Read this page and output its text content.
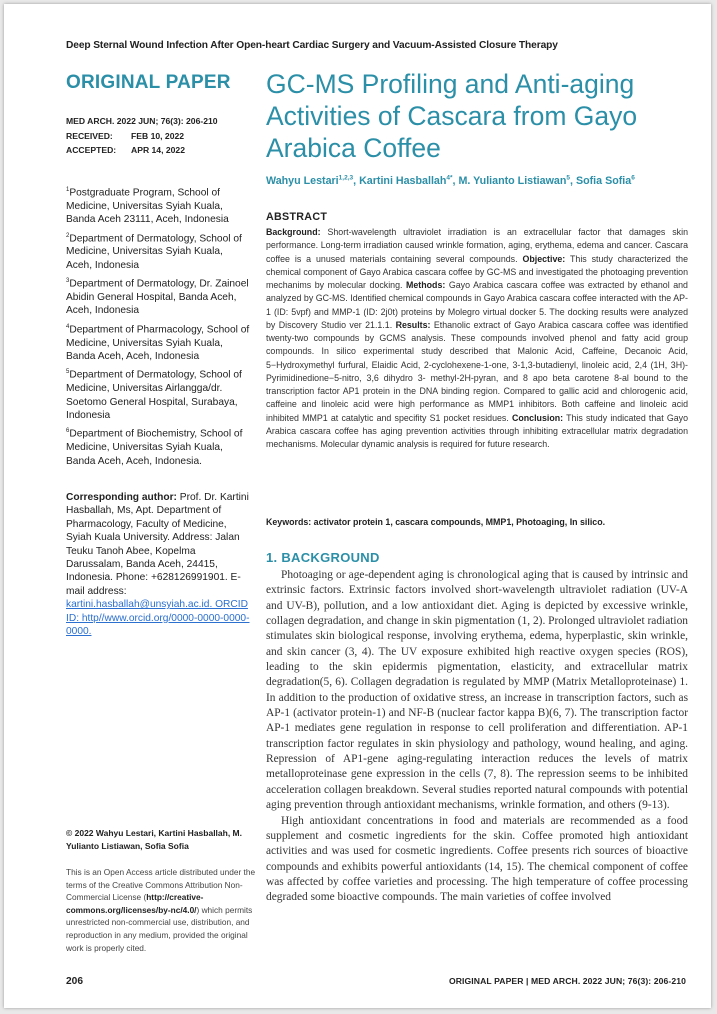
Deep Sternal Wound Infection After Open-heart Cardiac Surgery and Vacuum-Assisted Closure Therapy
ORIGINAL PAPER
MED ARCH. 2022 JUN; 76(3): 206-210
RECEIVED: FEB 10, 2022
ACCEPTED: APR 14, 2022
GC-MS Profiling and Anti-aging Activities of Cascara from Gayo Arabica Coffee
Wahyu Lestari$^{1,2,3}$, Kartini Hasballah$^{4*}$, M. Yulianto Listiawan$^5$, Sofia Sofia$^6$
$^1$Postgraduate Program, School of Medicine, Universitas Syiah Kuala, Banda Aceh 23111, Aceh, Indonesia
$^2$Department of Dermatology, School of Medicine, Universitas Syiah Kuala, Aceh, Indonesia
$^3$Department of Dermatology, Dr. Zainoel Abidin General Hospital, Banda Aceh, Aceh, Indonesia
$^4$Department of Pharmacology, School of Medicine, Universitas Syiah Kuala, Banda Aceh, Aceh, Indonesia
$^5$Department of Dermatology, School of Medicine, Universitas Airlangga/dr. Soetomo General Hospital, Surabaya, Indonesia
$^6$Department of Biochemistry, School of Medicine, Universitas Syiah Kuala, Banda Aceh, Aceh, Indonesia.
Corresponding author: Prof. Dr. Kartini Hasballah, Ms, Apt. Department of Pharmacology, Faculty of Medicine, Syiah Kuala University. Address: Jalan Teuku Tanoh Abee, Kopelma Darussalam, Banda Aceh, 24415, Indonesia. Phone: +628126991901. E-mail address: kartini.hasballah@unsyiah.ac.id. ORCID ID: http//www.orcid.org/0000-0000-0000-0000.
© 2022 Wahyu Lestari, Kartini Hasballah, M. Yulianto Listiawan, Sofia Sofia
This is an Open Access article distributed under the terms of the Creative Commons Attribution Non-Commercial License (http://creative-commons.org/licenses/by-nc/4.0/) which permits unrestricted non-commercial use, distribution, and reproduction in any medium, provided the original work is properly cited.
ABSTRACT
Background: Short-wavelength ultraviolet irradiation is an extracellular factor that damages skin performance. Long-term irradiation caused wrinkle formation, aging, erythema, edema and cancer. Cascara coffee is a unused materials containing several compounds. Objective: This study characterized the chemical component of Gayo Arabica cascara coffee by GC-MS and investigated the photoaging prevention mechanims by molecular docking. Methods: Gayo Arabica cascara coffee was extracted by ethanol and analyzed by GC-MS. Identified chemical compounds in Gayo Arabica cascara coffee interacted with the AP-1 (ID: 5vpf) and MMP-1 (ID: 2j0t) proteins by Molegro virtual docker 5. The docking results were analyzed by Discovery Studio ver 21.1.1. Results: Ethanolic extract of Gayo Arabica cascara coffee was identified twenty-two compounds by GCMS analysis. These compounds involved phenol and fatty acid group compounds. In silico experimental study described that Malonic Acid, Caffeine, Decanoic Acid, 5−Hydroxymethyl furfural, Elaidic Acid, 2-cyclohexene-1-one, 3-1,3-butadienyl, linoleic acid, 2,4 (1H, 3H)-Pyrimidinedione−5-nitro, 3,6 dihydro 3- methyl-2H-pyran, and 8 apo beta carotene 8-al bound to the transcription factor AP1 protein in the DNA binding region. Compared to gallic acid and chlorogenic acid, caffeine and linoleic acid were high performance as MMP1 inhibitors. Both caffeine and linoleic acid inhibited MMP1 at catalytic and specifity S1 pocket residues. Conclusion: This study indicated that Gayo Arabica cascara coffee has aging prevention activities through inhibiting extracellular matrix degradation mechanisms. Molecular dynamic analysis is required for future research.
Keywords: activator protein 1, cascara compounds, MMP1, Photoaging, In silico.
1. BACKGROUND

Photoaging or age-dependent aging is chronological aging that is caused by intrinsic and extrinsic factors. Extrinsic factors involved short-wavelength ultraviolet radiation (UV-A and UV-B), pollution, and a low antioxidant diet. Aging is depicted by excessive wrinkle, collagen degradation, and change in skin pigmentation (1, 2). Prolonged ultraviolet radiation stimulates skin biological response, involving erythema, edema, hyperplastic, skin wrinkle, and skin cancer (3, 4). The UV exposure exhibited high reactive oxygen species (ROS), leading to the skin epidermis pigmentation, elasticity, and extracellular matrix degradation(5, 6). Collagen degradation is regulated by MMP (Matrix Metalloproteinase) 1. In addition to the production of oxidative stress, an increase in transcription factors, such as AP-1 (activator protein-1) and NF-B (nuclear factor kappa B)(6, 7). The transcription factor AP-1 mediates gene regulation in response to cell proliferation and differentiation. AP-1 transcription factor regulates in skin physiology and pathology, wound healing, and aging. Repression of AP1-gene aging-regulating interaction reduces the levels of matrix metalloproteinase gene expression in the cells (7, 8). The repression seems to be inhibited acceleration collagen breakdown. Several studies reported natural compounds with potential aging prevention through antioxidant mechanisms, wrinkle formation, and others (9-13).

High antioxidant concentrations in food and materials are recommended as a food supplement and cosmetic ingredients for the skin. Coffee promoted high antioxidant activities and was used for cosmetic ingredients. Coffee presents rich sources of bioactive compounds and exhibits powerful antioxidants (14, 15). The chemical component of coffee was affected by coffee varieties and processing. The high temperature of coffee processing degraded some bioactive compounds. The main varieties of coffee involved

206	ORIGINAL PAPER | MED ARCH. 2022 JUN; 76(3): 206-210
